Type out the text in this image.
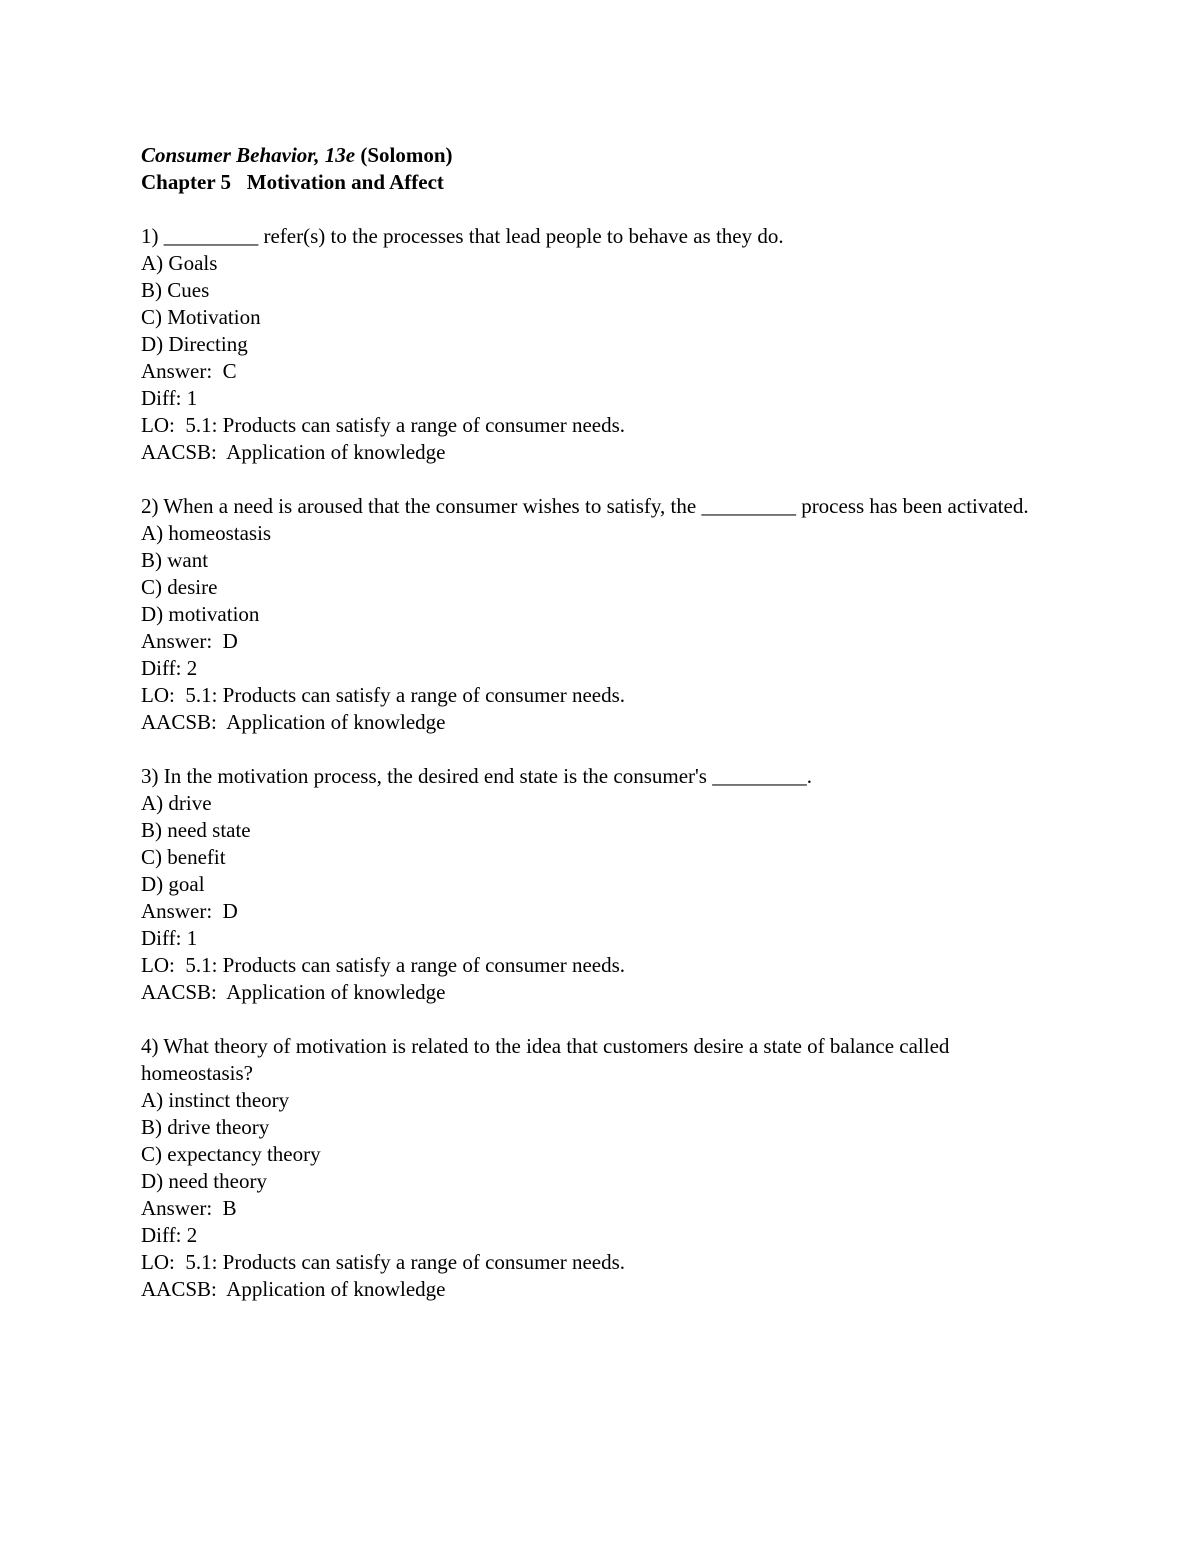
Consumer Behavior, 13e (Solomon)
Chapter 5   Motivation and Affect
1) _________ refer(s) to the processes that lead people to behave as they do.
A) Goals
B) Cues
C) Motivation
D) Directing
Answer:  C
Diff: 1
LO:  5.1: Products can satisfy a range of consumer needs.
AACSB:  Application of knowledge
2) When a need is aroused that the consumer wishes to satisfy, the _________ process has been activated.
A) homeostasis
B) want
C) desire
D) motivation
Answer:  D
Diff: 2
LO:  5.1: Products can satisfy a range of consumer needs.
AACSB:  Application of knowledge
3) In the motivation process, the desired end state is the consumer's _________.
A) drive
B) need state
C) benefit
D) goal
Answer:  D
Diff: 1
LO:  5.1: Products can satisfy a range of consumer needs.
AACSB:  Application of knowledge
4) What theory of motivation is related to the idea that customers desire a state of balance called homeostasis?
A) instinct theory
B) drive theory
C) expectancy theory
D) need theory
Answer:  B
Diff: 2
LO:  5.1: Products can satisfy a range of consumer needs.
AACSB:  Application of knowledge
